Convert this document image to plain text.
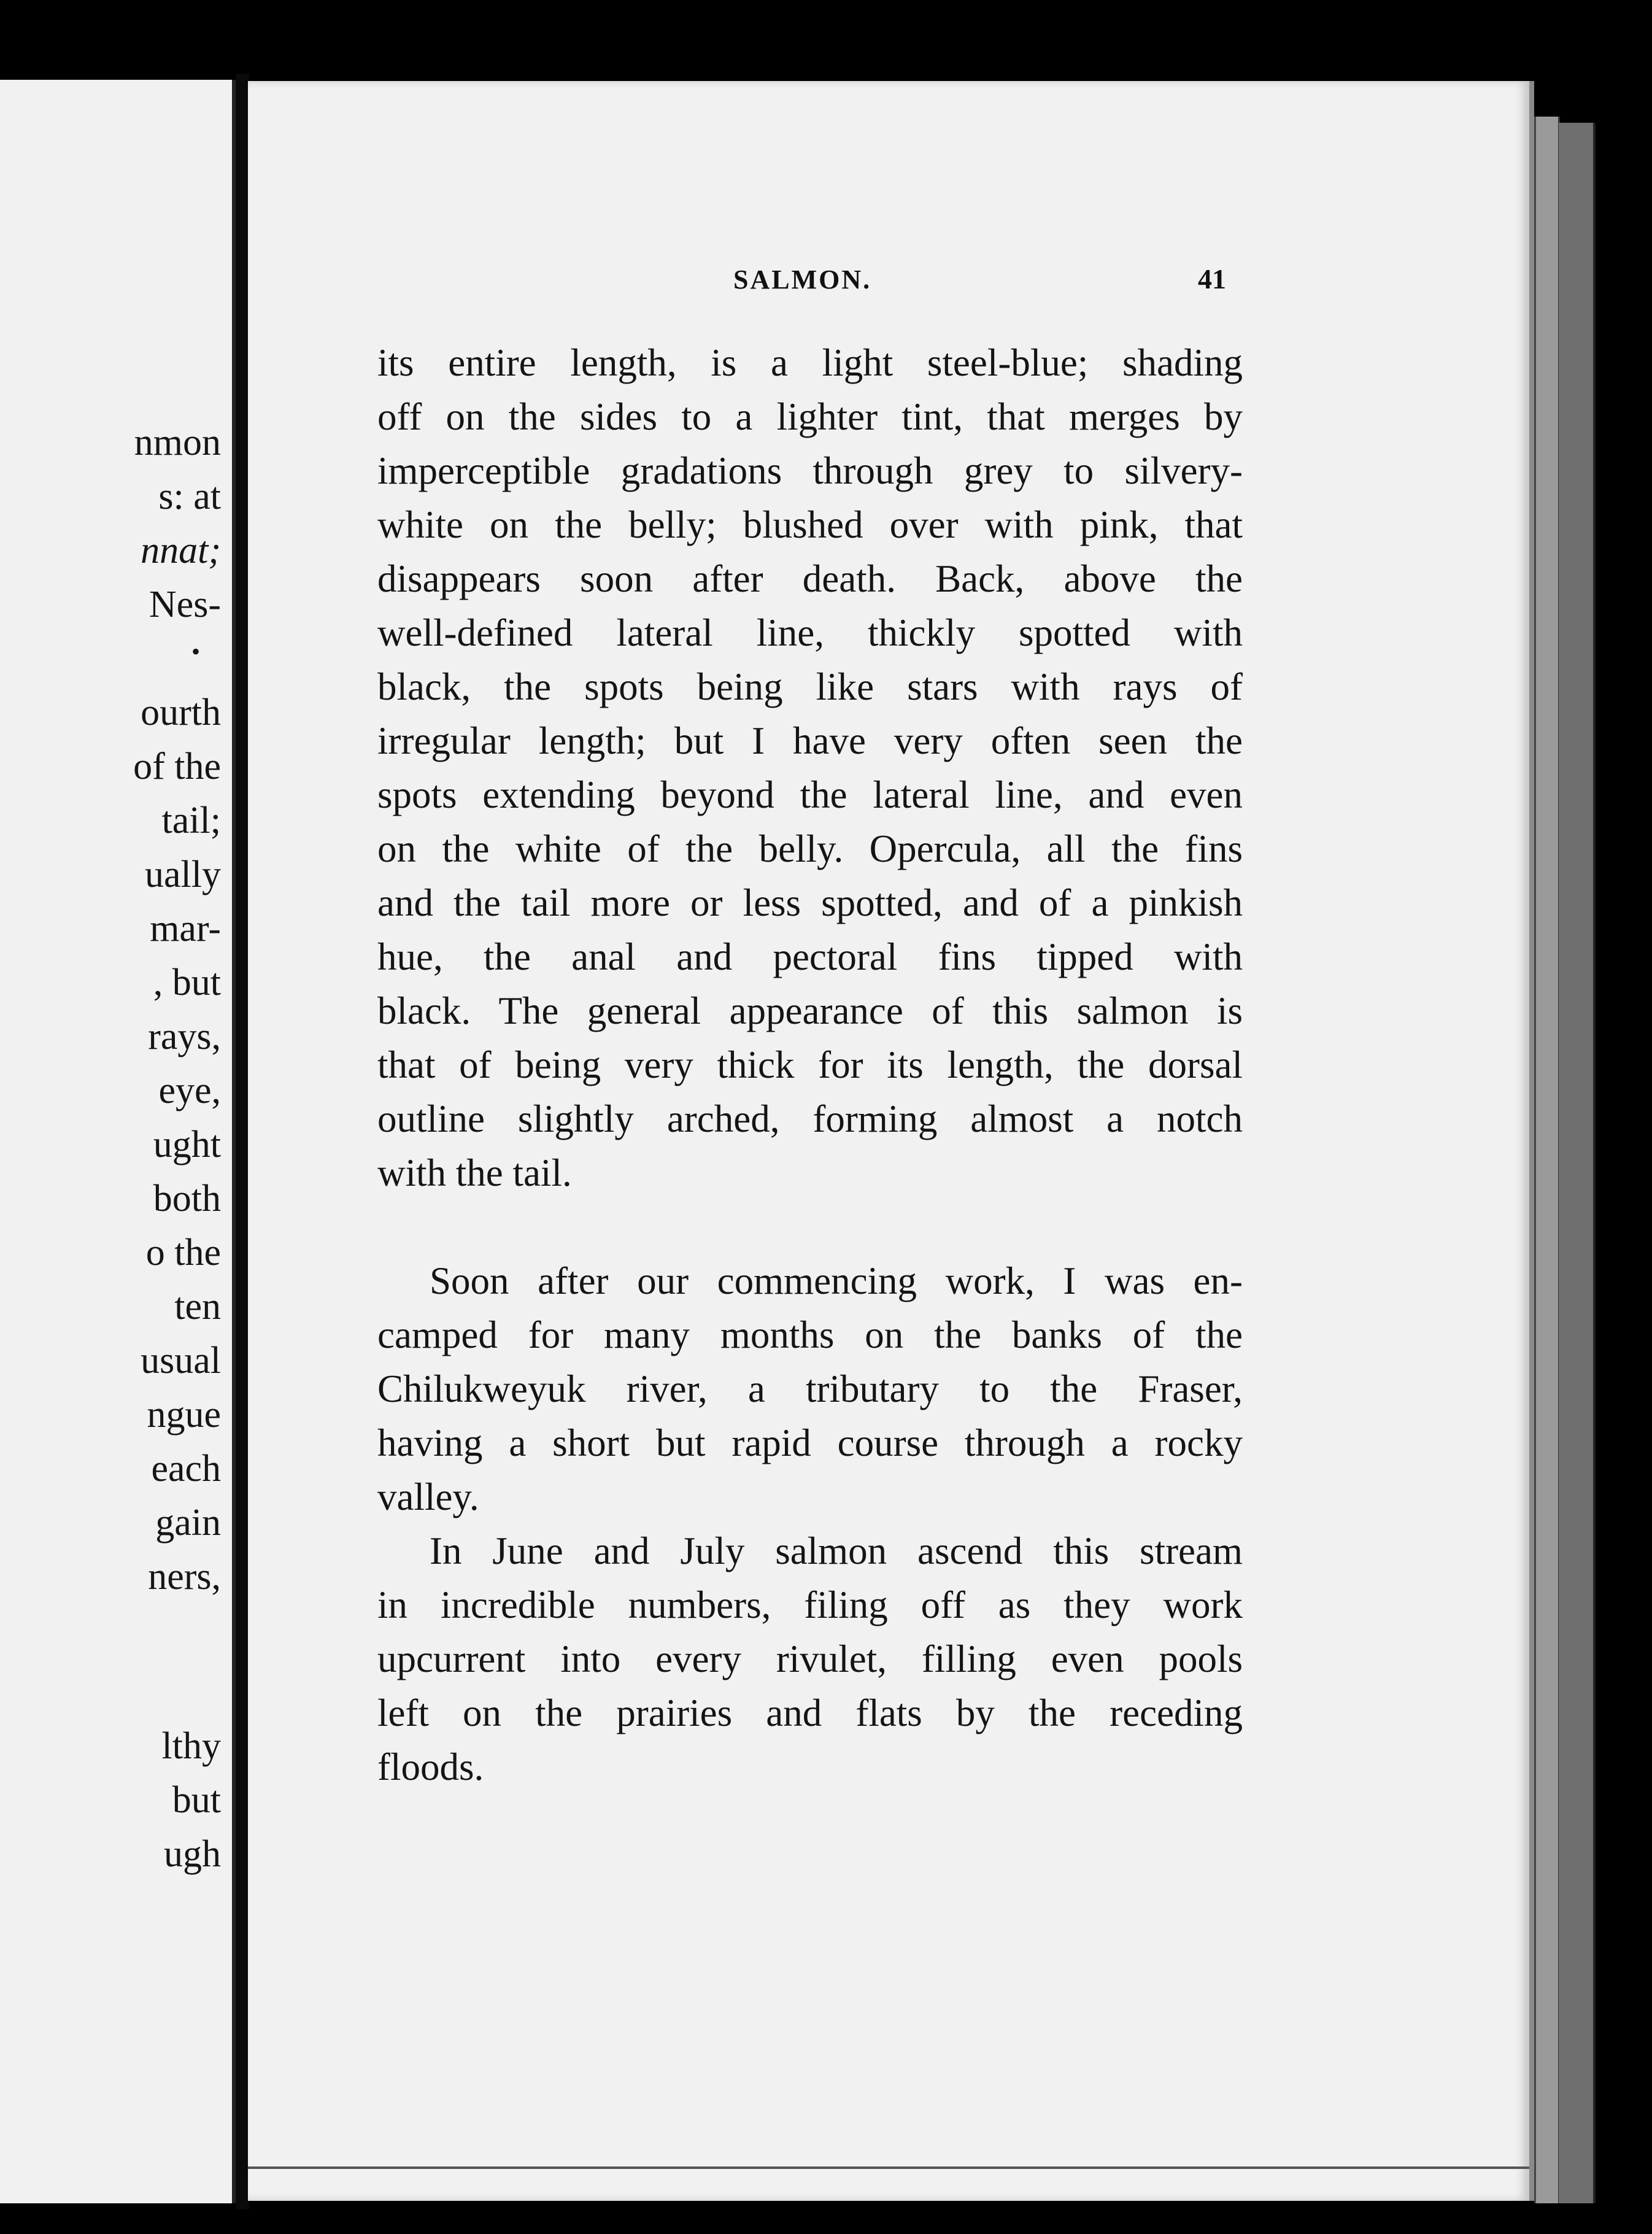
nmon
s: at
nnat;
Nes-
•
ourth
of the
tail;
ually
mar-
, but
rays,
eye,
ught
both
o the
ten
usual
ngue
each
gain
ners,
lthy
but
ugh
SALMON.	41
its entire length, is a light steel-blue; shading
off on the sides to a lighter tint, that merges by
imperceptible gradations through grey to silvery-
white on the belly; blushed over with pink, that
disappears soon after death. Back, above the
well-defined lateral line, thickly spotted with
black, the spots being like stars with rays of
irregular length; but I have very often seen the
spots extending beyond the lateral line, and even
on the white of the belly. Opercula, all the fins
and the tail more or less spotted, and of a pinkish
hue, the anal and pectoral fins tipped with
black. The general appearance of this salmon is
that of being very thick for its length, the dorsal
outline slightly arched, forming almost a notch
with the tail.
Soon after our commencing work, I was en-
camped for many months on the banks of the
Chilukweyuk river, a tributary to the Fraser,
having a short but rapid course through a rocky
valley.
In June and July salmon ascend this stream
in incredible numbers, filing off as they work
upcurrent into every rivulet, filling even pools
left on the prairies and flats by the receding
floods.
